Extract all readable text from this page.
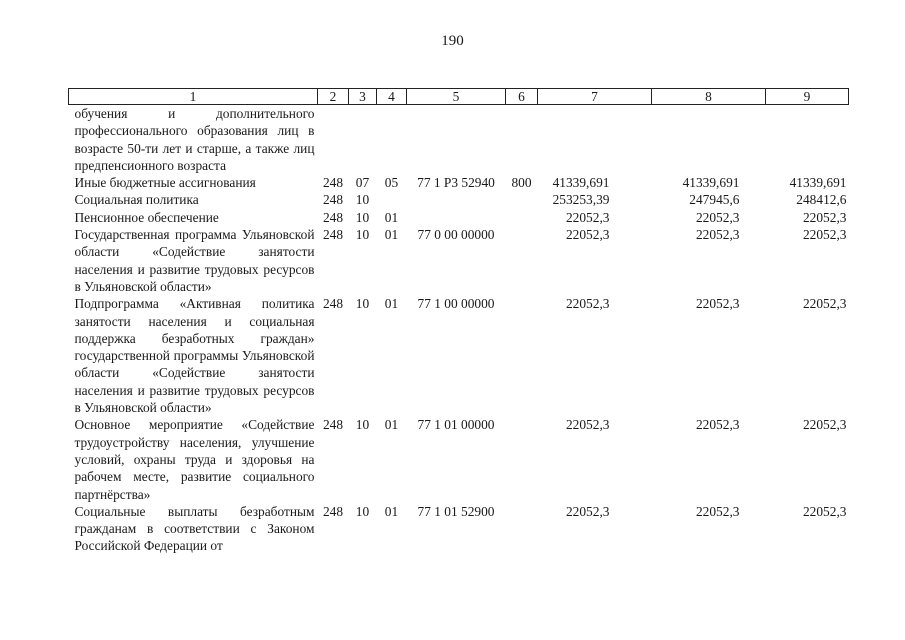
190
1	2	3	4	5	6	7	8	9
обучения и дополнительного профессионального образования лиц в возрасте 50-ти лет и старше, а также лиц предпенсионного возраста								
Иные бюджетные ассигнования	248	07	05	77 1 Р3 52940	800	41339,691	41339,691	41339,691
Социальная политика	248	10				253253,39	247945,6	248412,6
Пенсионное обеспечение	248	10	01			22052,3	22052,3	22052,3
Государственная программа Ульяновской области «Содействие занятости населения и развитие трудовых ресурсов в Ульяновской области»	248	10	01	77 0 00 00000		22052,3	22052,3	22052,3
Подпрограмма «Активная политика занятости населения и социальная поддержка безработных граждан» государственной программы Ульяновской области «Содействие занятости населения и развитие трудовых ресурсов в Ульяновской области»	248	10	01	77 1 00 00000		22052,3	22052,3	22052,3
Основное мероприятие «Содействие трудоустройству населения, улучшение условий, охраны труда и здоровья на рабочем месте, развитие социального партнёрства»	248	10	01	77 1 01 00000		22052,3	22052,3	22052,3
Социальные выплаты безработным гражданам в соответствии с Законом Российской Федерации от	248	10	01	77 1 01 52900		22052,3	22052,3	22052,3
